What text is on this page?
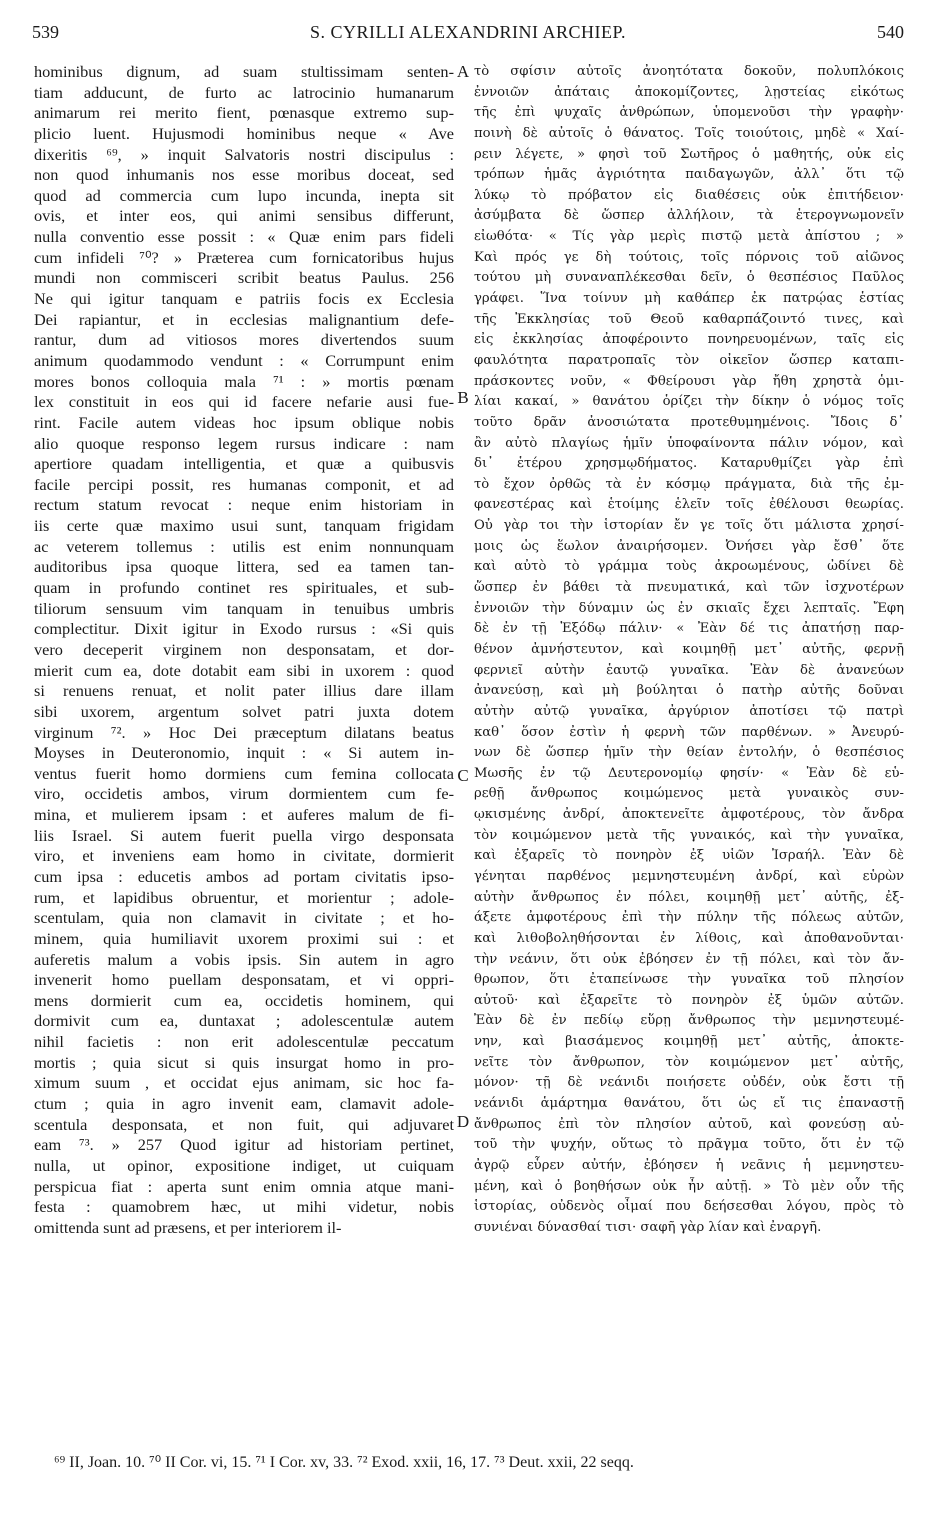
539	S. CYRILLI ALEXANDRINI ARCHIEP.	540
hominibus dignum, ad suam stultissimam senten-
tiam adducunt, de furto ac latrocinio humanarum
animarum rei merito fient, pœnasque extremo sup-
plicio luent. Hujusmodi hominibus neque « Ave
dixeritis ⁶⁹, » inquit Salvatoris nostri discipulus :
non quod inhumanis nos esse moribus doceat, sed
quod ad commercia cum lupo incunda, inepta sit
ovis, et inter eos, qui animi sensibus differunt,
nulla conventio esse possit : « Quæ enim pars fideli
cum infideli ⁷⁰? » Præterea cum fornicatoribus hujus
mundi non commisceri scribit beatus Paulus. 256
Ne qui igitur tanquam e patriis focis ex Ecclesia
Dei rapiantur, et in ecclesias malignantium defe-
rantur, dum ad vitiosos mores divertendos suum
animum quodammodo vendunt : « Corrumpunt enim
mores bonos colloquia mala ⁷¹ : » mortis pœnam
lex constituit in eos qui id facere nefarie ausi fue-
rint. Facile autem videas hoc ipsum oblique nobis
alio quoque responso legem rursus indicare : nam
apertiore quadam intelligentia, et quæ a quibusvis
facile percipi possit, res humanas componit, et ad
rectum statum revocat : neque enim historiam in
iis certe quæ maximo usui sunt, tanquam frigidam
ac veterem tollemus : utilis est enim nonnunquam
auditoribus ipsa quoque littera, sed ea tamen tan-
quam in profundo continet res spirituales, et sub-
tiliorum sensuum vim tanquam in tenuibus umbris
complectitur. Dixit igitur in Exodo rursus : «Si quis
vero deceperit virginem non desponsatam, et dor-
mierit cum ea, dote dotabit eam sibi in uxorem : quod
si renuens renuat, et nolit pater illius dare illam
sibi uxorem, argentum solvet patri juxta dotem
virginum ⁷². » Hoc Dei præceptum dilatans beatus
Moyses in Deuteronomio, inquit : « Si autem in-
ventus fuerit homo dormiens cum femina collocata
viro, occidetis ambos, virum dormientem cum fe-
mina, et mulierem ipsam : et auferes malum de fi-
liis Israel. Si autem fuerit puella virgo desponsata
viro, et inveniens eam homo in civitate, dormierit
cum ipsa : educetis ambos ad portam civitatis ipso-
rum, et lapidibus obruentur, et morientur ; adole-
scentulam, quia non clamavit in civitate ; et ho-
minem, quia humiliavit uxorem proximi sui : et
auferetis malum a vobis ipsis. Sin autem in agro
invenerit homo puellam desponsatam, et vi oppri-
mens dormierit cum ea, occidetis hominem, qui
dormivit cum ea, duntaxat ; adolescentulæ autem
nihil facietis : non erit adolescentulæ peccatum
mortis ; quia sicut si quis insurgat homo in pro-
ximum suum , et occidat ejus animam, sic hoc fa-
ctum ; quia in agro invenit eam, clamavit adole-
scentula desponsata, et non fuit, qui adjuvaret
eam ⁷³. » 257 Quod igitur ad historiam pertinet,
nulla, ut opinor, expositione indiget, ut cuiquam
perspicua fiat : aperta sunt enim omnia atque mani-
festa : quamobrem hæc, ut mihi videtur, nobis
omittenda sunt ad præsens, et per interiorem il-
τὸ σφίσιν αὐτοῖς ἀνοητότατα δοκοῦν, πολυπλόκοις
ἐννοιῶν ἀπάταις ἀποκομίζοντες, λῃστείας εἰκότως
τῆς ἐπὶ ψυχαῖς ἀνθρώπων, ὑπομενοῦσι τὴν γραφὴν·
ποινὴ δὲ αὐτοῖς ὁ θάνατος. Τοῖς τοιούτοις, μηδὲ « Χαί-
ρειν λέγετε, » φησὶ τοῦ Σωτῆρος ὁ μαθητής, οὐκ εἰς
τρόπων ἡμᾶς ἀγριότητα παιδαγωγῶν, ἀλλ᾽ ὅτι τῷ
λύκῳ τὸ πρόβατον εἰς διαθέσεις οὐκ ἐπιτήδειον·
ἀσύμβατα δὲ ὥσπερ ἀλλήλοιν, τὰ ἑτερογνωμονεῖν
εἰωθότα· « Τίς γὰρ μερὶς πιστῷ μετὰ ἀπίστου ; »
Καὶ πρός γε δὴ τούτοις, τοῖς πόρνοις τοῦ αἰῶνος
τούτου μὴ συναναπλέκεσθαι δεῖν, ὁ θεσπέσιος Παῦλος
γράφει. Ἵνα τοίνυν μὴ καθάπερ ἐκ πατρῴας ἑστίας
τῆς Ἐκκλησίας τοῦ Θεοῦ καθαρπάζοιντό τινες, καὶ
εἰς ἐκκλησίας ἀποφέροιντο πονηρευομένων, ταῖς εἰς
φαυλότητα παρατροπαῖς τὸν οἰκεῖον ὥσπερ καταπι-
πράσκοντες νοῦν, « Φθείρουσι γὰρ ἤθη χρηστὰ ὁμι-
λίαι κακαί, » θανάτου ὁρίζει τὴν δίκην ὁ νόμος τοῖς
τοῦτο δρᾶν ἀνοσιώτατα προτεθυμημένοις. Ἴδοις δ᾽
ἂν αὐτὸ πλαγίως ἡμῖν ὑποφαίνοντα πάλιν νόμον, καὶ
δι᾽ ἑτέρου χρησμῳδήματος. Καταρυθμίζει γὰρ ἐπὶ
τὸ ἔχον ὀρθῶς τὰ ἐν κόσμῳ πράγματα, διὰ τῆς ἐμ-
φανεστέρας καὶ ἑτοίμης ἑλεῖν τοῖς ἐθέλουσι θεωρίας.
Οὐ γὰρ τοι τὴν ἱστορίαν ἔν γε τοῖς ὅτι μάλιστα χρησί-
μοις ὡς ἕωλον ἀναιρήσομεν. Ὀνήσει γὰρ ἔσθ᾽ ὅτε
καὶ αὐτὸ τὸ γράμμα τοὺς ἀκροωμένους, ὠδίνει δὲ
ὥσπερ ἐν βάθει τὰ πνευματικά, καὶ τῶν ἰσχνοτέρων
ἐννοιῶν τὴν δύναμιν ὡς ἐν σκιαῖς ἔχει λεπταῖς. Ἔφη
δὲ ἐν τῇ Ἐξόδῳ πάλιν· « Ἐὰν δέ τις ἀπατήσῃ παρ-
θένον ἀμνήστευτον, καὶ κοιμηθῇ μετ᾽ αὐτῆς, φερνῇ
φερνιεῖ αὐτὴν ἑαυτῷ γυναῖκα. Ἐὰν δὲ ἀνανεύων
ἀνανεύσῃ, καὶ μὴ βούληται ὁ πατὴρ αὐτῆς δοῦναι
αὐτὴν αὐτῷ γυναῖκα, ἀργύριον ἀποτίσει τῷ πατρὶ
καθ᾽ ὅσον ἐστὶν ἡ φερνὴ τῶν παρθένων. » Ἀνευρύ-
νων δὲ ὥσπερ ἡμῖν τὴν θείαν ἐντολήν, ὁ θεσπέσιος
Μωσῆς ἐν τῷ Δευτερονομίῳ φησίν· « Ἐὰν δὲ εὑ-
ρεθῇ ἄνθρωπος κοιμώμενος μετὰ γυναικὸς συν-
ῳκισμένης ἀνδρί, ἀποκτενεῖτε ἀμφοτέρους, τὸν ἄνδρα
τὸν κοιμώμενον μετὰ τῆς γυναικός, καὶ τὴν γυναῖκα,
καὶ ἐξαρεῖς τὸ πονηρὸν ἐξ υἱῶν Ἰσραήλ. Ἐὰν δὲ
γένηται παρθένος μεμνηστευμένη ἀνδρί, καὶ εὑρὼν
αὐτὴν ἄνθρωπος ἐν πόλει, κοιμηθῇ μετ᾽ αὐτῆς, ἐξ-
άξετε ἀμφοτέρους ἐπὶ τὴν πύλην τῆς πόλεως αὐτῶν,
καὶ λιθοβοληθήσονται ἐν λίθοις, καὶ ἀποθανοῦνται·
τὴν νεάνιν, ὅτι οὐκ ἐβόησεν ἐν τῇ πόλει, καὶ τὸν ἄν-
θρωπον, ὅτι ἐταπείνωσε τὴν γυναῖκα τοῦ πλησίον
αὐτοῦ· καὶ ἐξαρεῖτε τὸ πονηρὸν ἐξ ὑμῶν αὐτῶν.
Ἐὰν δὲ ἐν πεδίῳ εὕρῃ ἄνθρωπος τὴν μεμνηστευμέ-
νην, καὶ βιασάμενος κοιμηθῇ μετ᾽ αὐτῆς, ἀποκτε-
νεῖτε τὸν ἄνθρωπον, τὸν κοιμώμενον μετ᾽ αὐτῆς,
μόνον· τῇ δὲ νεάνιδι ποιήσετε οὐδέν, οὐκ ἔστι τῇ
νεάνιδι ἁμάρτημα θανάτου, ὅτι ὡς εἴ τις ἐπαναστῇ
ἄνθρωπος ἐπὶ τὸν πλησίον αὐτοῦ, καὶ φονεύσῃ αὐ-
τοῦ τὴν ψυχήν, οὕτως τὸ πρᾶγμα τοῦτο, ὅτι ἐν τῷ
ἀγρῷ εὗρεν αὐτήν, ἐβόησεν ἡ νεᾶνις ἡ μεμνηστευ-
μένη, καὶ ὁ βοηθήσων οὐκ ἦν αὐτῇ. » Τὸ μὲν οὖν τῆς
ἱστορίας, οὐδενὸς οἶμαί που δεήσεσθαι λόγου, πρὸς τὸ
συνιέναι δύνασθαί τισι· σαφῆ γὰρ λίαν καὶ ἐναργῆ.
A
B
C
D
⁶⁹ II, Joan. 10. ⁷⁰ II Cor. vi, 15. ⁷¹ I Cor. xv, 33. ⁷² Exod. xxii, 16, 17. ⁷³ Deut. xxii, 22 seqq.
